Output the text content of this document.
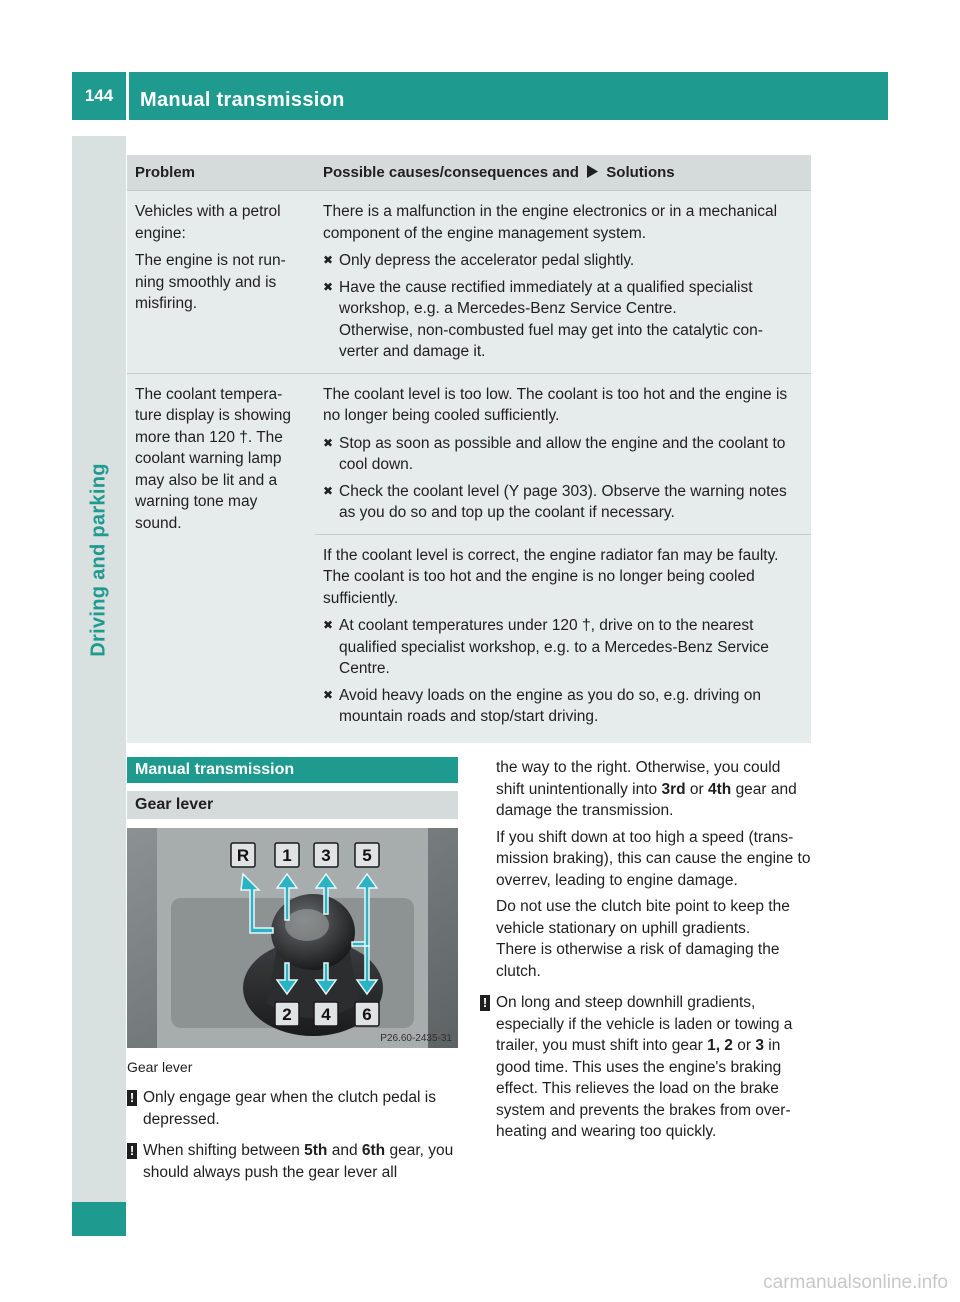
144	Manual transmission
Driving and parking
Problem	Possible causes/consequences and Solutions

Vehicles with a petrol engine:

The engine is not run- ning smoothly and is misfiring.

There is a malfunction in the engine electronics or in a mechanical component of the engine management system.

✖ Only depress the accelerator pedal slightly.
✖ Have the cause rectified immediately at a qualified specialist workshop, e.g. a Mercedes-Benz Service Centre.
Otherwise, non-combusted fuel may get into the catalytic con- verter and damage it.

The coolant tempera- ture display is showing more than 120 †. The coolant warning lamp may also be lit and a warning tone may sound.

The coolant level is too low. The coolant is too hot and the engine is no longer being cooled sufficiently.

✖ Stop as soon as possible and allow the engine and the coolant to cool down.
✖ Check the coolant level (Y page 303). Observe the warning notes as you do so and top up the coolant if necessary.

If the coolant level is correct, the engine radiator fan may be faulty. The coolant is too hot and the engine is no longer being cooled sufficiently.

✖ At coolant temperatures under 120 †, drive on to the nearest qualified specialist workshop, e.g. to a Mercedes-Benz Service Centre.
✖ Avoid heavy loads on the engine as you do so, e.g. driving on mountain roads and stop/start driving.
Manual transmission
Gear lever
R 1 3 5
2 4 6
P26.60-2435-31
Gear lever
! Only engage gear when the clutch pedal is depressed.
! When shifting between 5th and 6th gear, you should always push the gear lever all
the way to the right. Otherwise, you could shift unintentionally into 3rd or 4th gear and damage the transmission.
If you shift down at too high a speed (trans- mission braking), this can cause the engine to overrev, leading to engine damage.
Do not use the clutch bite point to keep the vehicle stationary on uphill gradients.
There is otherwise a risk of damaging the clutch.
! On long and steep downhill gradients, especially if the vehicle is laden or towing a trailer, you must shift into gear 1, 2 or 3 in good time. This uses the engine's braking effect. This relieves the load on the brake system and prevents the brakes from over- heating and wearing too quickly.
carmanualsonline.info
